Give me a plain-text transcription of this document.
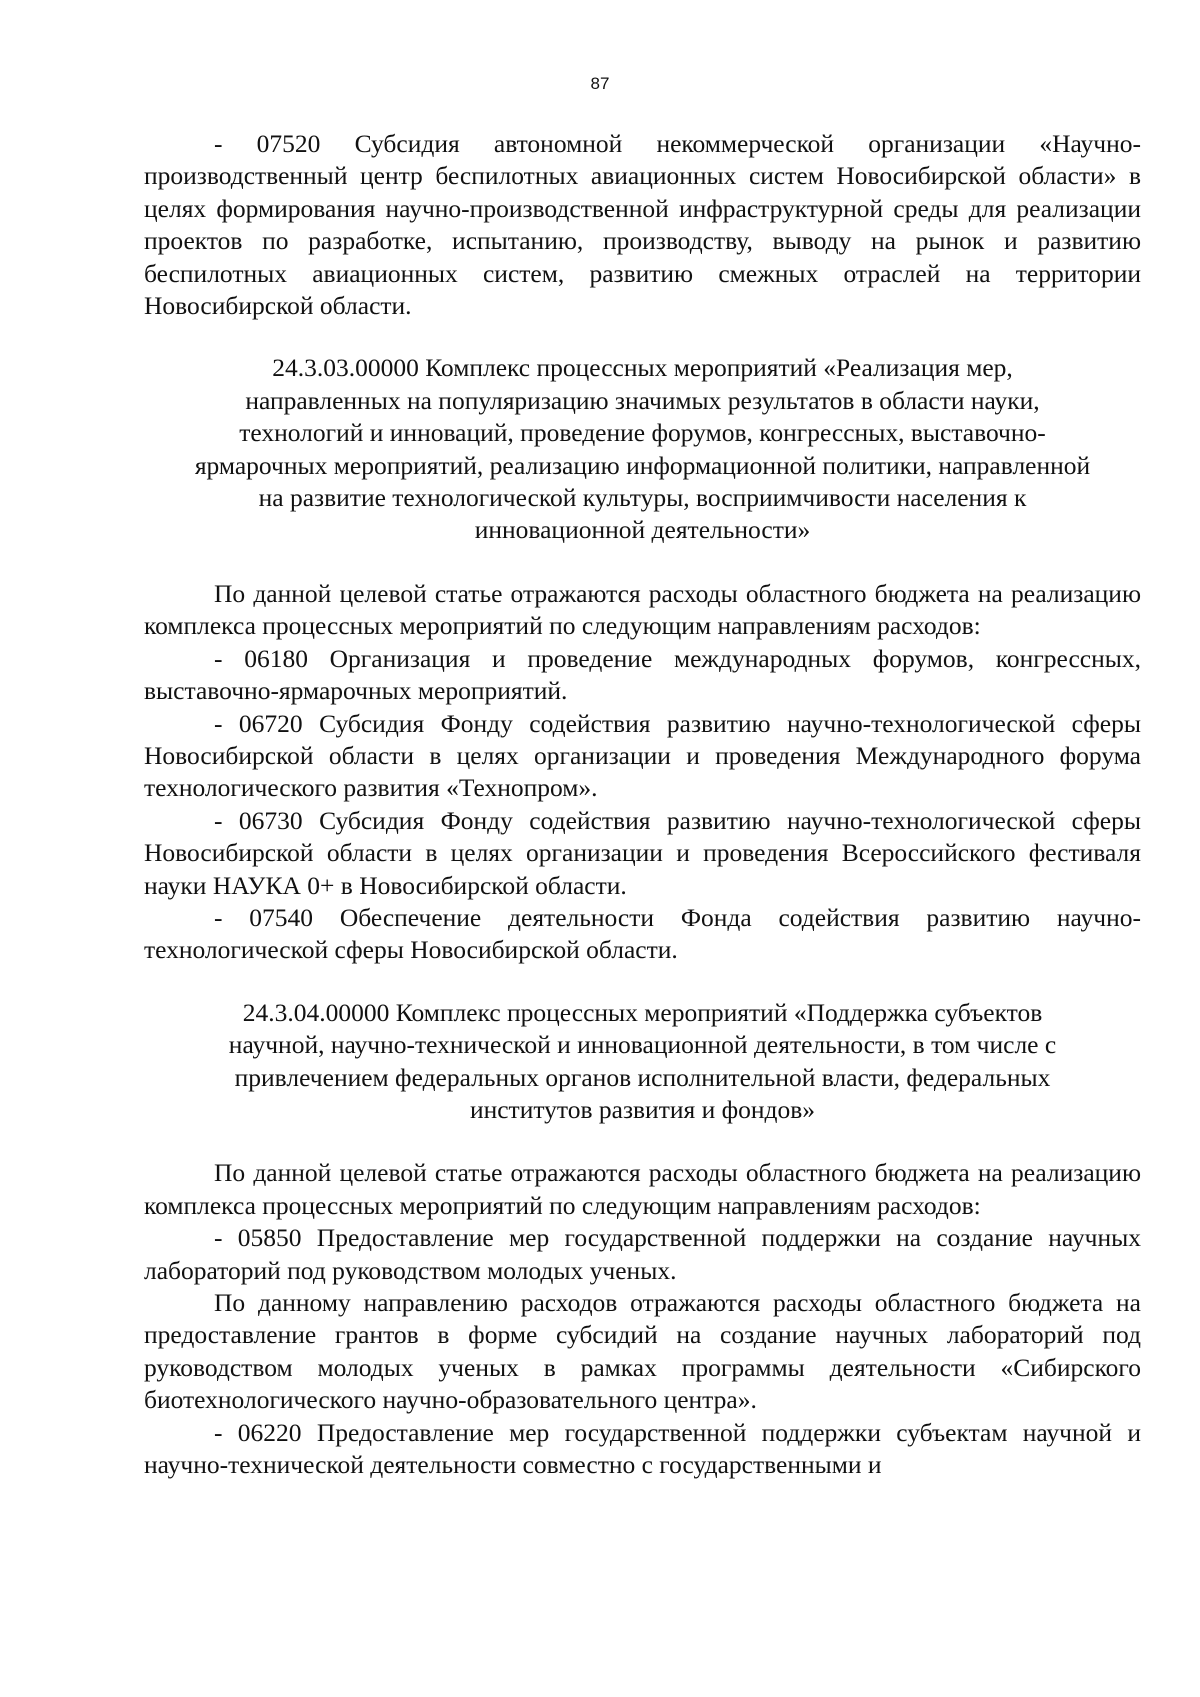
87

- 07520 Субсидия автономной некоммерческой организации «Научно-производственный центр беспилотных авиационных систем Новосибирской области» в целях формирования научно-производственной инфраструктурной среды для реализации проектов по разработке, испытанию, производству, выводу на рынок и развитию беспилотных авиационных систем, развитию смежных отраслей на территории Новосибирской области.

24.3.03.00000 Комплекс процессных мероприятий «Реализация мер,
направленных на популяризацию значимых результатов в области науки,
технологий и инноваций, проведение форумов, конгрессных, выставочно-
ярмарочных мероприятий, реализацию информационной политики, направленной
на развитие технологической культуры, восприимчивости населения к
инновационной деятельности»

По данной целевой статье отражаются расходы областного бюджета на реализацию комплекса процессных мероприятий по следующим направлениям расходов:

- 06180 Организация и проведение международных форумов, конгрессных, выставочно-ярмарочных мероприятий.

- 06720 Субсидия Фонду содействия развитию научно-технологической сферы Новосибирской области в целях организации и проведения Международного форума технологического развития «Технопром».

- 06730 Субсидия Фонду содействия развитию научно-технологической сферы Новосибирской области в целях организации и проведения Всероссийского фестиваля науки НАУКА 0+ в Новосибирской области.

- 07540 Обеспечение деятельности Фонда содействия развитию научно-технологической сферы Новосибирской области.

24.3.04.00000 Комплекс процессных мероприятий «Поддержка субъектов
научной, научно-технической и инновационной деятельности, в том числе с
привлечением федеральных органов исполнительной власти, федеральных
институтов развития и фондов»

По данной целевой статье отражаются расходы областного бюджета на реализацию комплекса процессных мероприятий по следующим направлениям расходов:

- 05850 Предоставление мер государственной поддержки на создание научных лабораторий под руководством молодых ученых.

По данному направлению расходов отражаются расходы областного бюджета на предоставление грантов в форме субсидий на создание научных лабораторий под руководством молодых ученых в рамках программы деятельности «Сибирского биотехнологического научно-образовательного центра».

- 06220 Предоставление мер государственной поддержки субъектам научной и научно-технической деятельности совместно с государственными и
